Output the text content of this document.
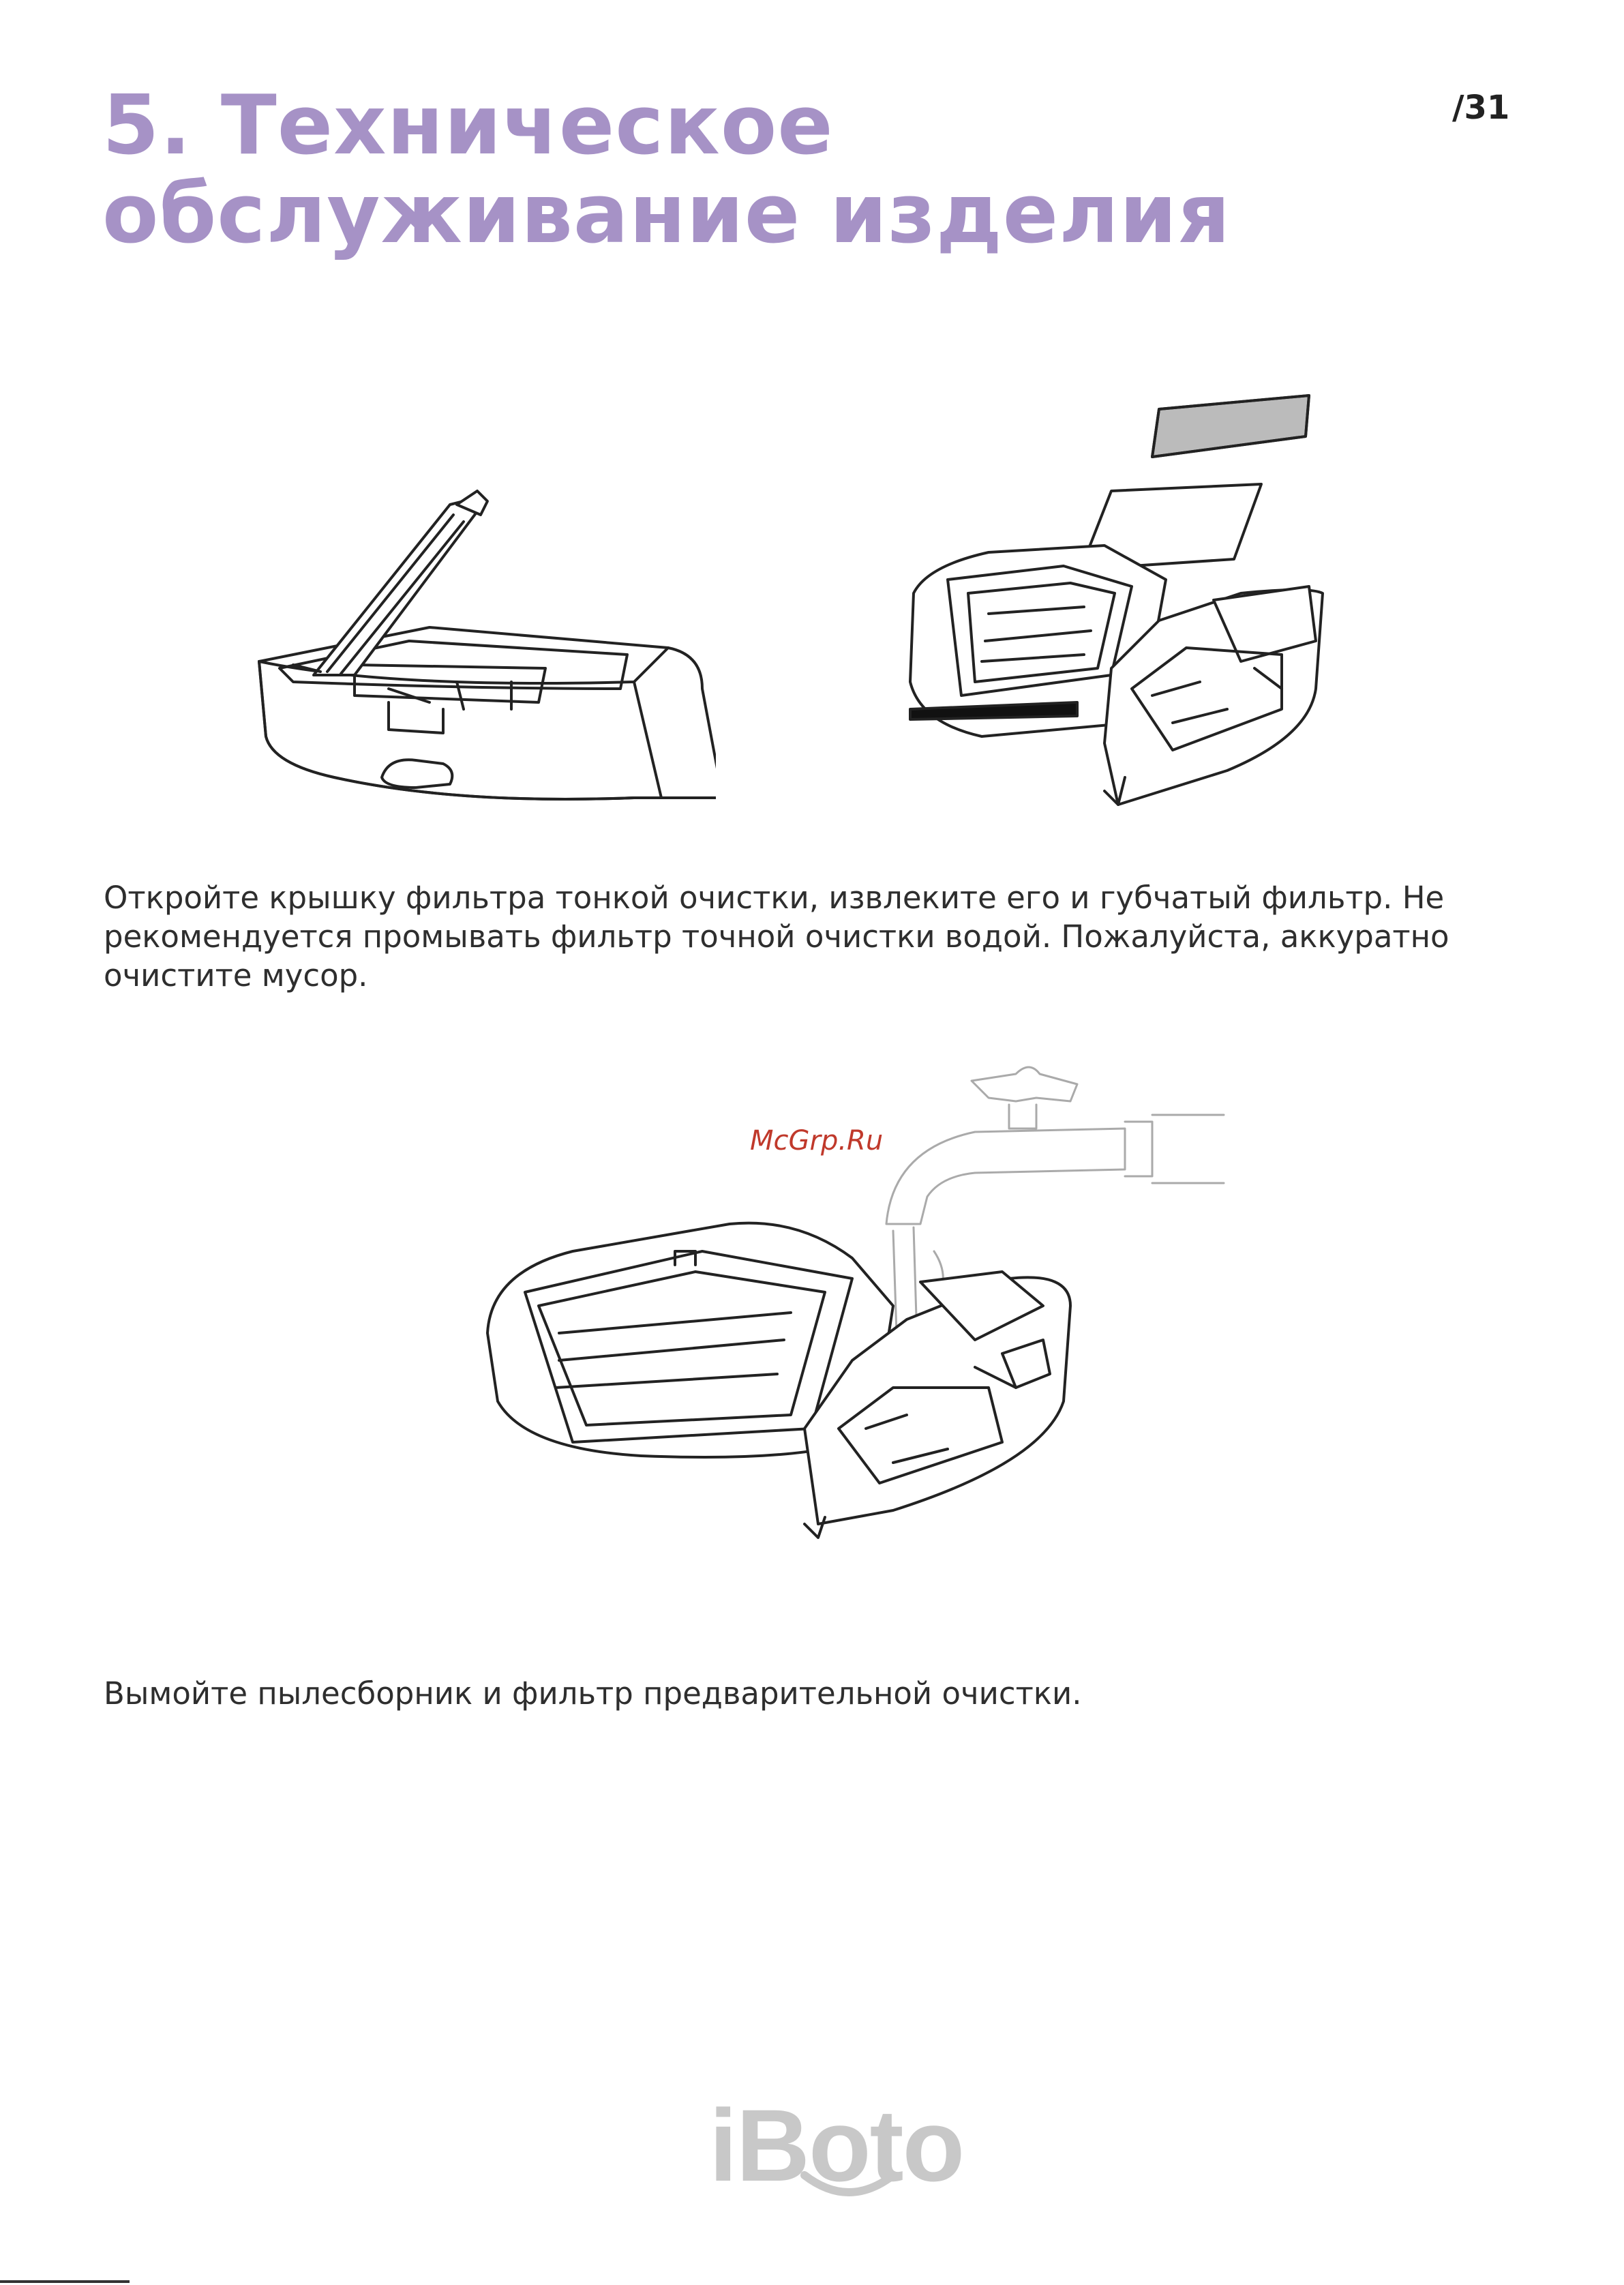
5. Техническое обслуживание изделия
/31

Откройте крышку фильтра тонкой очистки, извлеките его и губчатый фильтр. Не рекомендуется промывать фильтр точной очистки водой. Пожалуйста, аккуратно очистите мусор.

McGrp.Ru

Вымойте пылесборник и фильтр предварительной очистки.

iBoto
